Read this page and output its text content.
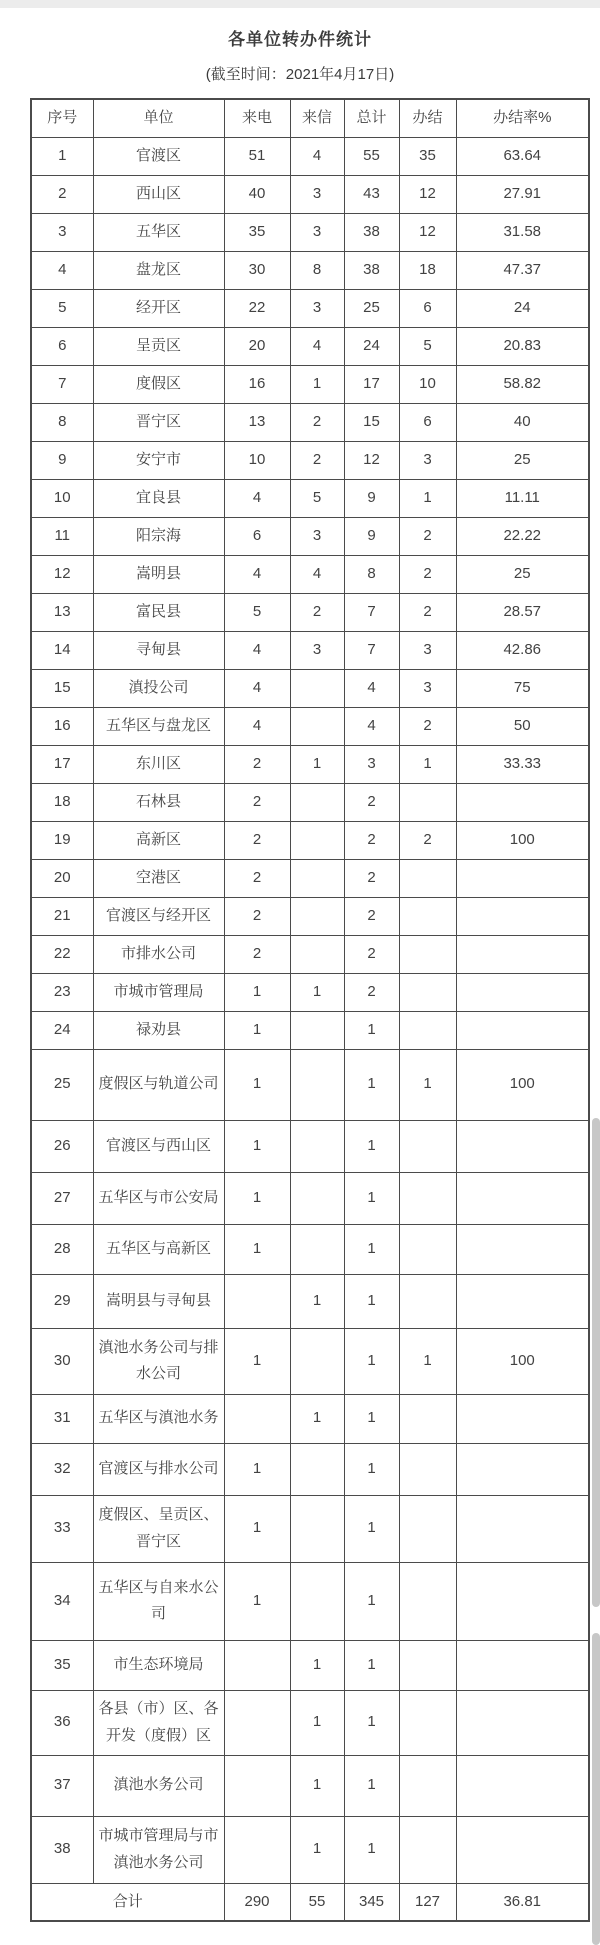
各单位转办件统计
(截至时间：2021年4月17日)
序号	单位	来电	来信	总计	办结	办结率%
1	官渡区	51	4	55	35	63.64
2	西山区	40	3	43	12	27.91
3	五华区	35	3	38	12	31.58
4	盘龙区	30	8	38	18	47.37
5	经开区	22	3	25	6	24
6	呈贡区	20	4	24	5	20.83
7	度假区	16	1	17	10	58.82
8	晋宁区	13	2	15	6	40
9	安宁市	10	2	12	3	25
10	宜良县	4	5	9	1	11.11
11	阳宗海	6	3	9	2	22.22
12	嵩明县	4	4	8	2	25
13	富民县	5	2	7	2	28.57
14	寻甸县	4	3	7	3	42.86
15	滇投公司	4		4	3	75
16	五华区与盘龙区	4		4	2	50
17	东川区	2	1	3	1	33.33
18	石林县	2		2		
19	高新区	2		2	2	100
20	空港区	2		2		
21	官渡区与经开区	2		2		
22	市排水公司	2		2		
23	市城市管理局	1	1	2		
24	禄劝县	1		1		
25	度假区与轨道公司	1		1	1	100
26	官渡区与西山区	1		1		
27	五华区与市公安局	1		1		
28	五华区与高新区	1		1		
29	嵩明县与寻甸县		1	1		
30	滇池水务公司与排水公司	1		1	1	100
31	五华区与滇池水务		1	1		
32	官渡区与排水公司	1		1		
33	度假区、呈贡区、晋宁区	1		1		
34	五华区与自来水公司	1		1		
35	市生态环境局		1	1		
36	各县（市）区、各开发（度假）区		1	1		
37	滇池水务公司		1	1		
38	市城市管理局与市滇池水务公司		1	1		
合计		290	55	345	127	36.81
